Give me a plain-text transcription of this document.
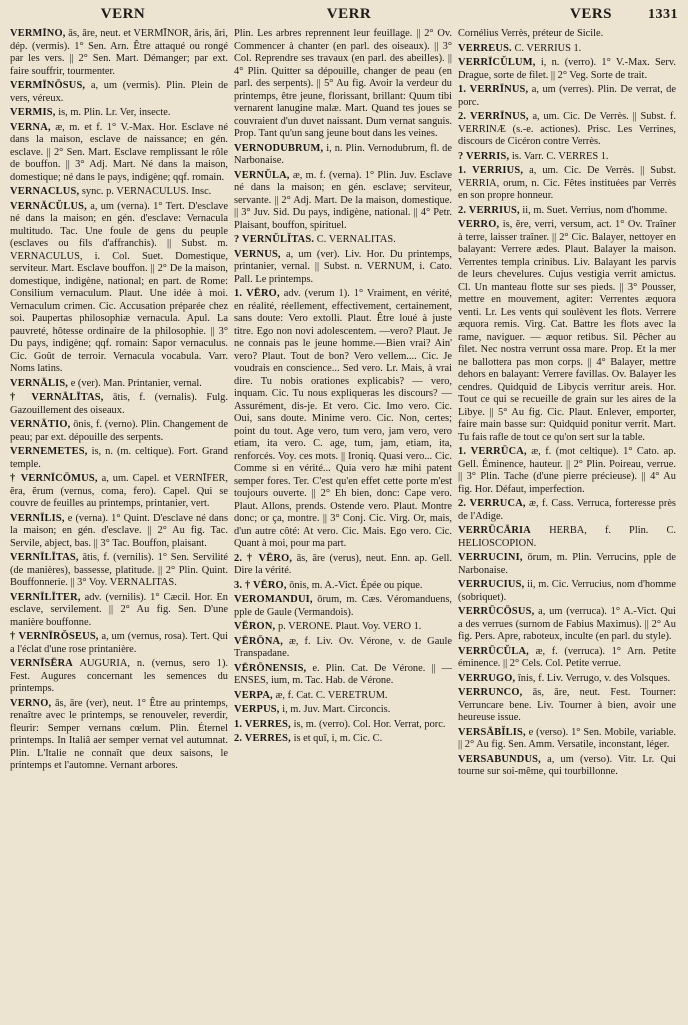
VERN	VERR	VERS	1331

VERMĪNO, ās, āre, neut. et VERMĪNOR, āris, āri, dép. (vermis). 1° Sen. Arn. Être attaqué ou rongé par les vers. || 2° Sen. Mart. Démanger; par ext. faire souffrir, tourmenter.

VERMĪNŌSUS, a, um (vermis). Plin. Plein de vers, véreux.

VERMIS, is, m. Plin. Lr. Ver, insecte.

VERNA, æ, m. et f. 1° V.-Max. Hor. Esclave né dans la maison, esclave de naissance; en gén. esclave. || 2° Sen. Mart. Esclave remplissant le rôle de bouffon. || 3° Adj. Mart. Né dans la maison, domestique; né dans le pays, indigène; qqf. romain.

VERNACLUS, sync. p. VERNACULUS. Insc.

VERNĀCŬLUS, a, um (verna). 1° Tert. D'esclave né dans la maison; en gén. d'esclave: Vernacula multitudo. Tac. Une foule de gens du peuple (esclaves ou fils d'affranchis). || Subst. m. VERNACULUS, i. Col. Suet. Domestique, serviteur. Mart. Esclave bouffon. || 2° De la maison, domestique, indigène, national; en part. de Rome: Consilium vernaculum. Plaut. Une idée à moi. Vernaculum crimen. Cic. Accusation préparée chez soi. Paupertas philosophiæ vernacula. Apul. La pauvreté, hôtesse ordinaire de la philosophie. || 3° Du pays, indigène; qqf. romain: Sapor vernaculus. Cic. Goût de terroir. Vernacula vocabula. Varr. Noms latins.

VERNĀLIS, e (ver). Man. Printanier, vernal.

† VERNĀLĪTAS, ātis, f. (vernalis). Fulg. Gazouillement des oiseaux.

VERNĀTIO, ōnis, f. (verno). Plin. Changement de peau; par ext. dépouille des serpents.

VERNEMETES, is, n. (m. celtique). Fort. Grand temple.

† VERNĪCŌMUS, a, um. Capel. et VERNĪFER, ĕra, ĕrum (vernus, coma, fero). Capel. Qui se couvre de feuilles au printemps, printanier, vert.

VERNĪLIS, e (verna). 1° Quint. D'esclave né dans la maison; en gén. d'esclave. || 2° Au fig. Tac. Servile, abject, bas. || 3° Tac. Bouffon, plaisant.

VERNĪLĪTAS, ātis, f. (vernilis). 1° Sen. Servilité (de manières), bassesse, platitude. || 2° Plin. Quint. Bouffonnerie. || 3° Voy. VERNALITAS.

VERNĪLĪTER, adv. (vernilis). 1° Cæcil. Hor. En esclave, servilement. || 2° Au fig. Sen. D'une manière bouffonne.

† VERNĪRŎSEUS, a, um (vernus, rosa). Tert. Qui a l'éclat d'une rose printanière.

VERNĪSĒRA AUGURIA, n. (vernus, sero 1). Fest. Augures concernant les semences du printemps.

VERNO, ās, āre (ver), neut. 1° Être au printemps, renaître avec le printemps, se renouveler, reverdir, fleurir: Semper vernans cœlum. Plin. Éternel printemps. In Italiâ aer semper vernat vel autumnat. Plin. L'Italie ne connaît que deux saisons, le printemps et l'automne. Vernant arbores.

Plin. Les arbres reprennent leur feuillage. || 2° Ov. Commencer à chanter (en parl. des oiseaux). || 3° Col. Reprendre ses travaux (en parl. des abeilles). || 4° Plin. Quitter sa dépouille, changer de peau (en parl. des serpents). || 5° Au fig. Avoir la verdeur du printemps, être jeune, florissant, brillant: Quum tibi vernarent lanugine malæ. Mart. Quand tes joues se couvraient d'un duvet naissant. Dum vernat sanguis. Prop. Tant qu'un sang jeune bout dans les veines.

VERNODUBRUM, i, n. Plin. Vernodubrum, fl. de Narbonaise.

VERNŬLA, æ, m. f. (verna). 1° Plin. Juv. Esclave né dans la maison; en gén. esclave; serviteur, servante. || 2° Adj. Mart. De la maison, domestique. || 3° Juv. Sid. Du pays, indigène, national. || 4° Petr. Plaisant, bouffon, spirituel.

? VERNŬLĬTAS. C. VERNALITAS.

VERNUS, a, um (ver). Liv. Hor. Du printemps, printanier, vernal. || Subst. n. VERNUM, i. Cato. Pall. Le printemps.

1. VĒRO, adv. (verum 1). 1° Vraiment, en vérité, en réalité, réellement, effectivement, certainement, sans doute: Vero extolli. Plaut. Être loué à juste titre. Ego non novi adolescentem. —vero? Plaut. Je ne connais pas le jeune homme.—Bien vrai? Ain' vero? Plaut. Tout de bon? Vero vellem.... Cic. Je voudrais en conscience... Sed vero. Lr. Mais, à vrai dire. Tu nobis orationes explicabis? — vero, inquam. Cic. Tu nous expliqueras les discours? — Assurément, dis-je. Et vero. Cic. Imo vero. Cic. Oui, sans doute. Minime vero. Cic. Non, certes; point du tout. Age vero, tum vero, jam vero, vero etiam, ita vero. C. age, tum, jam, etiam, ita, renforcés. Voy. ces mots. || Ironiq. Quasi vero... Cic. Comme si en vérité... Quia vero hæ mihi patent semper fores. Ter. C'est qu'en effet cette porte m'est toujours ouverte. || 2° Eh bien, donc: Cape vero. Plaut. Allons, prends. Ostende vero. Plaut. Montre donc; or ça, montre. || 3° Conj. Cic. Virg. Or, mais, d'un autre côté: At vero. Cic. Mais. Ego vero. Cic. Quant à moi, pour ma part.

2. † VĒRO, ās, āre (verus), neut. Enn. ap. Gell. Dire la vérité.

3. † VĒRO, ōnis, m. A.-Vict. Épée ou pique.

VEROMANDUI, ōrum, m. Cæs. Véromanduens, pple de Gaule (Vermandois).

VĒRON, p. VERONE. Plaut. Voy. VERO 1.

VĒRŌNA, æ, f. Liv. Ov. Vérone, v. de Gaule Transpadane.

VĒRŌNENSIS, e. Plin. Cat. De Vérone. || — ENSES, ium, m. Tac. Hab. de Vérone.

VERPA, æ, f. Cat. C. VERETRUM.

VERPUS, i, m. Juv. Mart. Circoncis.

1. VERRES, is, m. (verro). Col. Hor. Verrat, porc.

2. VERRES, is et quī, i, m. Cic. C.

Cornélius Verrès, préteur de Sicile.

VERREUS. C. VERRIUS 1.

VERRĪCŬLUM, i, n. (verro). 1° V.-Max. Serv. Drague, sorte de filet. || 2° Veg. Sorte de trait.

1. VERRĪNUS, a, um (verres). Plin. De verrat, de porc.

2. VERRĪNUS, a, um. Cic. De Verrès. || Subst. f. VERRINÆ (s.-e. actiones). Prisc. Les Verrines, discours de Cicéron contre Verrès.

? VERRIS, is. Varr. C. VERRES 1.

1. VERRIUS, a, um. Cic. De Verrès. || Subst. VERRIA, orum, n. Cic. Fêtes instituées par Verrès en son propre honneur.

2. VERRIUS, ii, m. Suet. Verrius, nom d'homme.

VERRO, is, ĕre, verri, versum, act. 1° Ov. Traîner à terre, laisser traîner. || 2° Cic. Balayer, nettoyer en balayant: Verrere ædes. Plaut. Balayer la maison. Verrentes templa crinibus. Liv. Balayant les parvis de leurs chevelures. Cujus vestigia verrit amictus. Cl. Un manteau flotte sur ses pieds. || 3° Pousser, mettre en mouvement, agiter: Verrentes æquora venti. Lr. Les vents qui soulèvent les flots. Verrere æquora remis. Virg. Cat. Battre les flots avec la rame, naviguer. — æquor retibus. Sil. Pêcher au filet. Nec nostra verrunt ossa mare. Prop. Et la mer ne ballottera pas mon corps. || 4° Balayer, mettre dehors en balayant: Verrere favillas. Ov. Balayer les cendres. Quidquid de Libycis verritur areis. Hor. Tout ce qui se recueille de grain sur les aires de la Libye. || 5° Au fig. Cic. Plaut. Enlever, emporter, faire main basse sur: Quidquid ponitur verrit. Mart. Tu fais rafle de tout ce qu'on sert sur la table.

1. VERRŪCA, æ, f. (mot celtique). 1° Cato. ap. Gell. Éminence, hauteur. || 2° Plin. Poireau, verrue. || 3° Plin. Tache (d'une pierre précieuse). || 4° Au fig. Hor. Défaut, imperfection.

2. VERRUCA, æ, f. Cass. Verruca, forteresse près de l'Adige.

VERRŪCĀRIA HERBA, f. Plin. C. HELIOSCOPION.

VERRUCINI, ōrum, m. Plin. Verrucins, pple de Narbonaise.

VERRUCIUS, ii, m. Cic. Verrucius, nom d'homme (sobriquet).

VERRŪCŌSUS, a, um (verruca). 1° A.-Vict. Qui a des verrues (surnom de Fabius Maximus). || 2° Au fig. Pers. Apre, raboteux, inculte (en parl. du style).

VERRŪCŬLA, æ, f. (verruca). 1° Arn. Petite éminence. || 2° Cels. Col. Petite verrue.

VERRUGO, īnis, f. Liv. Verrugo, v. des Volsques.

VERRUNCO, ās, āre, neut. Fest. Tourner: Verruncare bene. Liv. Tourner à bien, avoir une heureuse issue.

VERSĀBĬLIS, e (verso). 1° Sen. Mobile, variable. || 2° Au fig. Sen. Amm. Versatile, inconstant, léger.

VERSABUNDUS, a, um (verso). Vitr. Lr. Qui tourne sur soi-même, qui tourbillonne.
